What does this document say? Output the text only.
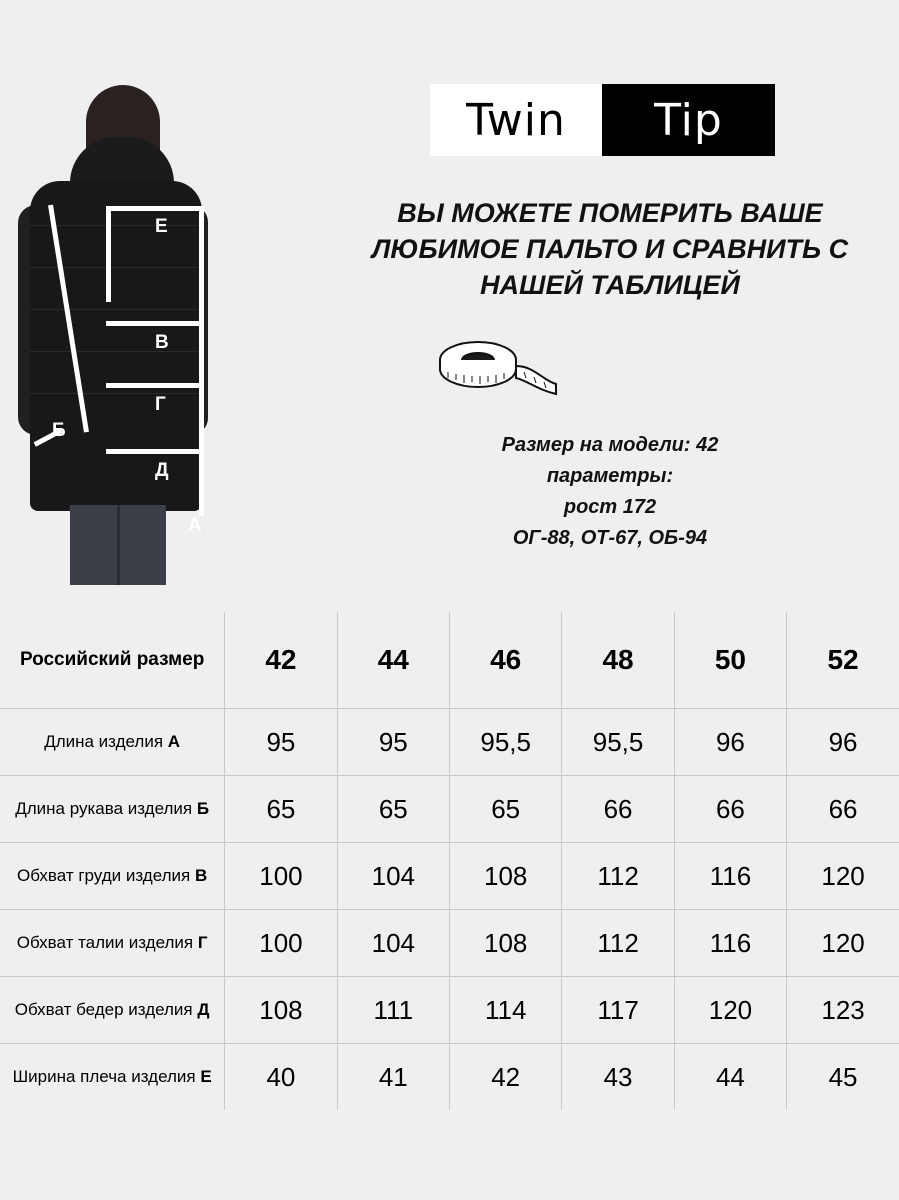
Е
В
Г
Д
А
Б
Twin	Tip
ВЫ МОЖЕТЕ ПОМЕРИТЬ ВАШЕ ЛЮБИМОЕ ПАЛЬТО И СРАВНИТЬ С НАШЕЙ ТАБЛИЦЕЙ
Размер на модели: 42
параметры:
рост 172
ОГ-88, ОТ-67, ОБ-94
Российский размер	42	44	46	48	50	52

Длина изделия А	95	95	95,5	95,5	96	96

Длина рукава изделия Б	65	65	65	66	66	66

Обхват груди изделия В	100	104	108	112	116	120

Обхват талии изделия Г	100	104	108	112	116	120

Обхват бедер изделия Д	108	111	114	117	120	123

Ширина плеча изделия Е	40	41	42	43	44	45
